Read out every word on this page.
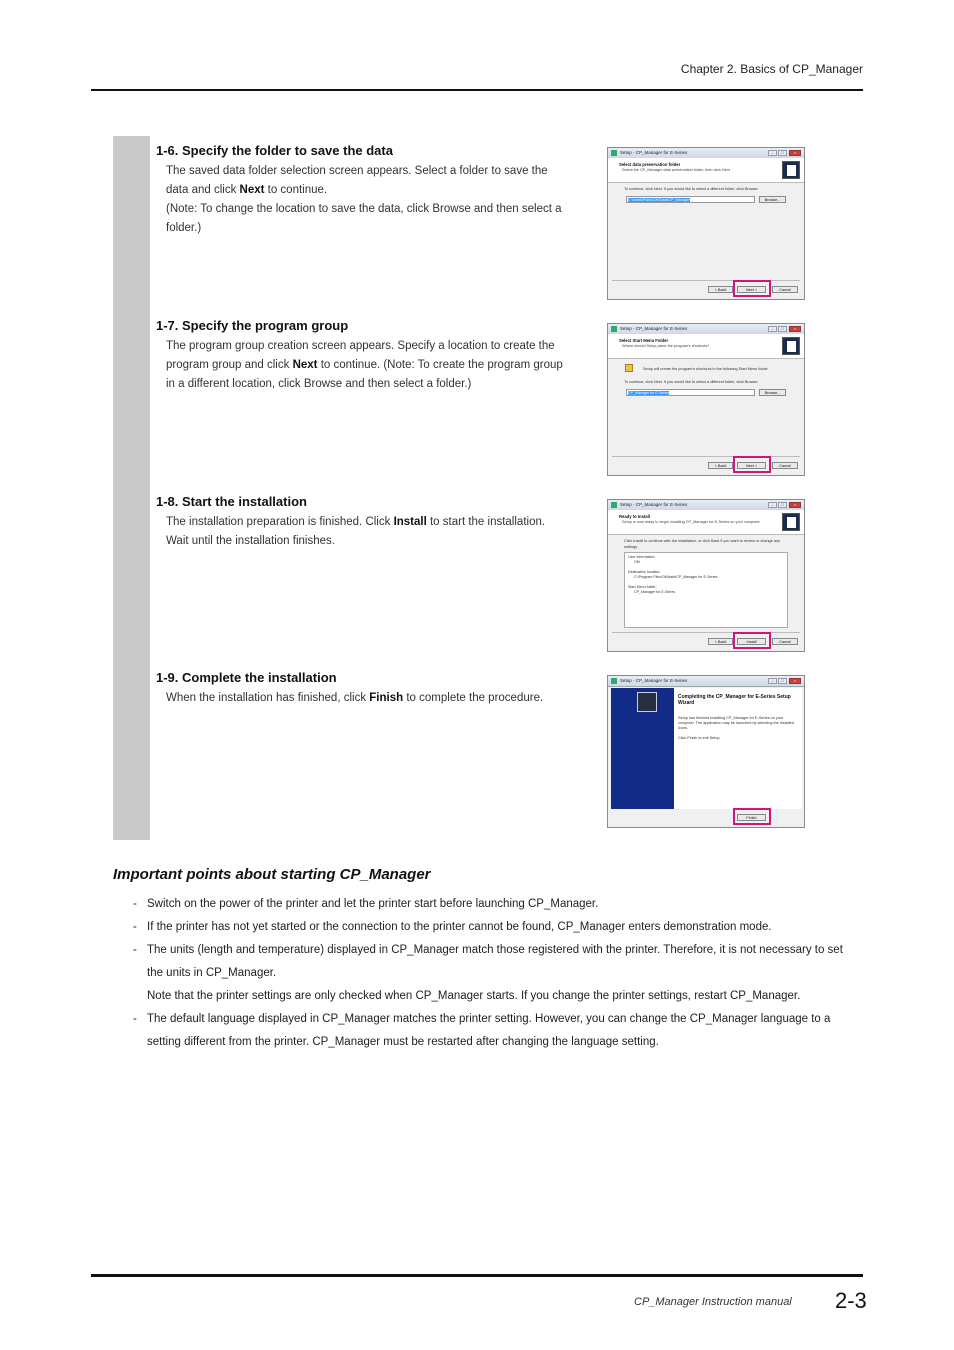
Chapter 2. Basics of CP_Manager
1-6. Specify the folder to save the data

The saved data folder selection screen appears. Select a folder to save the data and click Next to continue.
(Note: To change the location to save the data, click Browse and then select a folder.)

1-7. Specify the program group

The program group creation screen appears. Specify a location to create the program group and click Next to continue. (Note: To create the program group in a different location, click Browse and then select a folder.)

1-8. Start the installation

The installation preparation is finished. Click Install to start the installation.
Wait until the installation finishes.

1-9. Complete the installation

When the installation has finished, click Finish to complete the procedure.

Setup - CP_Manager for E-Series	–	□	×
Select data preservation folder
Select the CP_Manager data preservation folder, then click Next
To continue, click Next. If you would like to select a different folder, click Browse.
C:\Users\Public\OKIData\CP_Manager	Browse...
< Back	Next >	Cancel
Setup - CP_Manager for E-Series	–	□	×
Select Start Menu Folder
Where should Setup place the program's shortcuts?
Setup will create the program's shortcuts in the following Start Menu folder.
To continue, click Next. If you would like to select a different folder, click Browse.
CP_Manager for E-Series	Browse...
< Back	Next >	Cancel
Setup - CP_Manager for E-Series	–	□	×
Ready to Install
Setup is now ready to begin installing CP_Manager for E-Series on your computer.
Click Install to continue with the installation, or click Back if you want to review or change any settings.
User information:
OKI

Destination location:
C:\Program Files\OKIdata\CP_Manager for E-Series

Start Menu folder:
CP_Manager for E-Series
< Back	Install	Cancel
Setup - CP_Manager for E-Series	–	□	×
Completing the CP_Manager for E-Series Setup Wizard
Setup has finished installing CP_Manager for E-Series on your computer. The application may be launched by selecting the installed icons.
Click Finish to exit Setup.
Finish
Important points about starting CP_Manager
- Switch on the power of the printer and let the printer start before launching CP_Manager.
- If the printer has not yet started or the connection to the printer cannot be found, CP_Manager enters demonstration mode.
- The units (length and temperature) displayed in CP_Manager match those registered with the printer. Therefore, it is not necessary to set the units in CP_Manager.
Note that the printer settings are only checked when CP_Manager starts. If you change the printer settings, restart CP_Manager.
- The default language displayed in CP_Manager matches the printer setting. However, you can change the CP_Manager language to a setting different from the printer. CP_Manager must be restarted after changing the language setting.
CP_Manager Instruction manual 2-3
